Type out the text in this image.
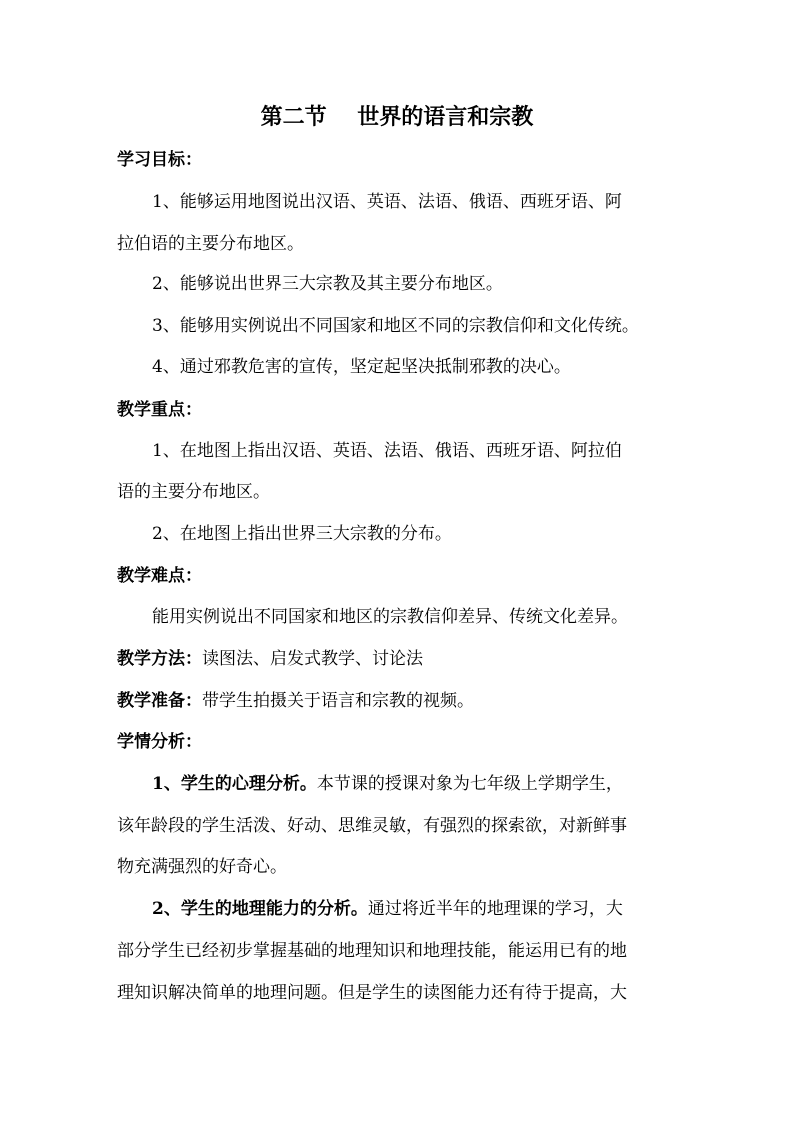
第二节    世界的语言和宗教
学习目标：
1、能够运用地图说出汉语、英语、法语、俄语、西班牙语、阿
拉伯语的主要分布地区。
2、能够说出世界三大宗教及其主要分布地区。
3、能够用实例说出不同国家和地区不同的宗教信仰和文化传统。
4、通过邪教危害的宣传，坚定起坚决抵制邪教的决心。
教学重点：
1、在地图上指出汉语、英语、法语、俄语、西班牙语、阿拉伯
语的主要分布地区。
2、在地图上指出世界三大宗教的分布。
教学难点：
能用实例说出不同国家和地区的宗教信仰差异、传统文化差异。
教学方法：读图法、启发式教学、讨论法
教学准备：带学生拍摄关于语言和宗教的视频。
学情分析：
1、学生的心理分析。本节课的授课对象为七年级上学期学生，
该年龄段的学生活泼、好动、思维灵敏，有强烈的探索欲，对新鲜事
物充满强烈的好奇心。
2、学生的地理能力的分析。通过将近半年的地理课的学习，大
部分学生已经初步掌握基础的地理知识和地理技能，能运用已有的地
理知识解决简单的地理问题。但是学生的读图能力还有待于提高，大
